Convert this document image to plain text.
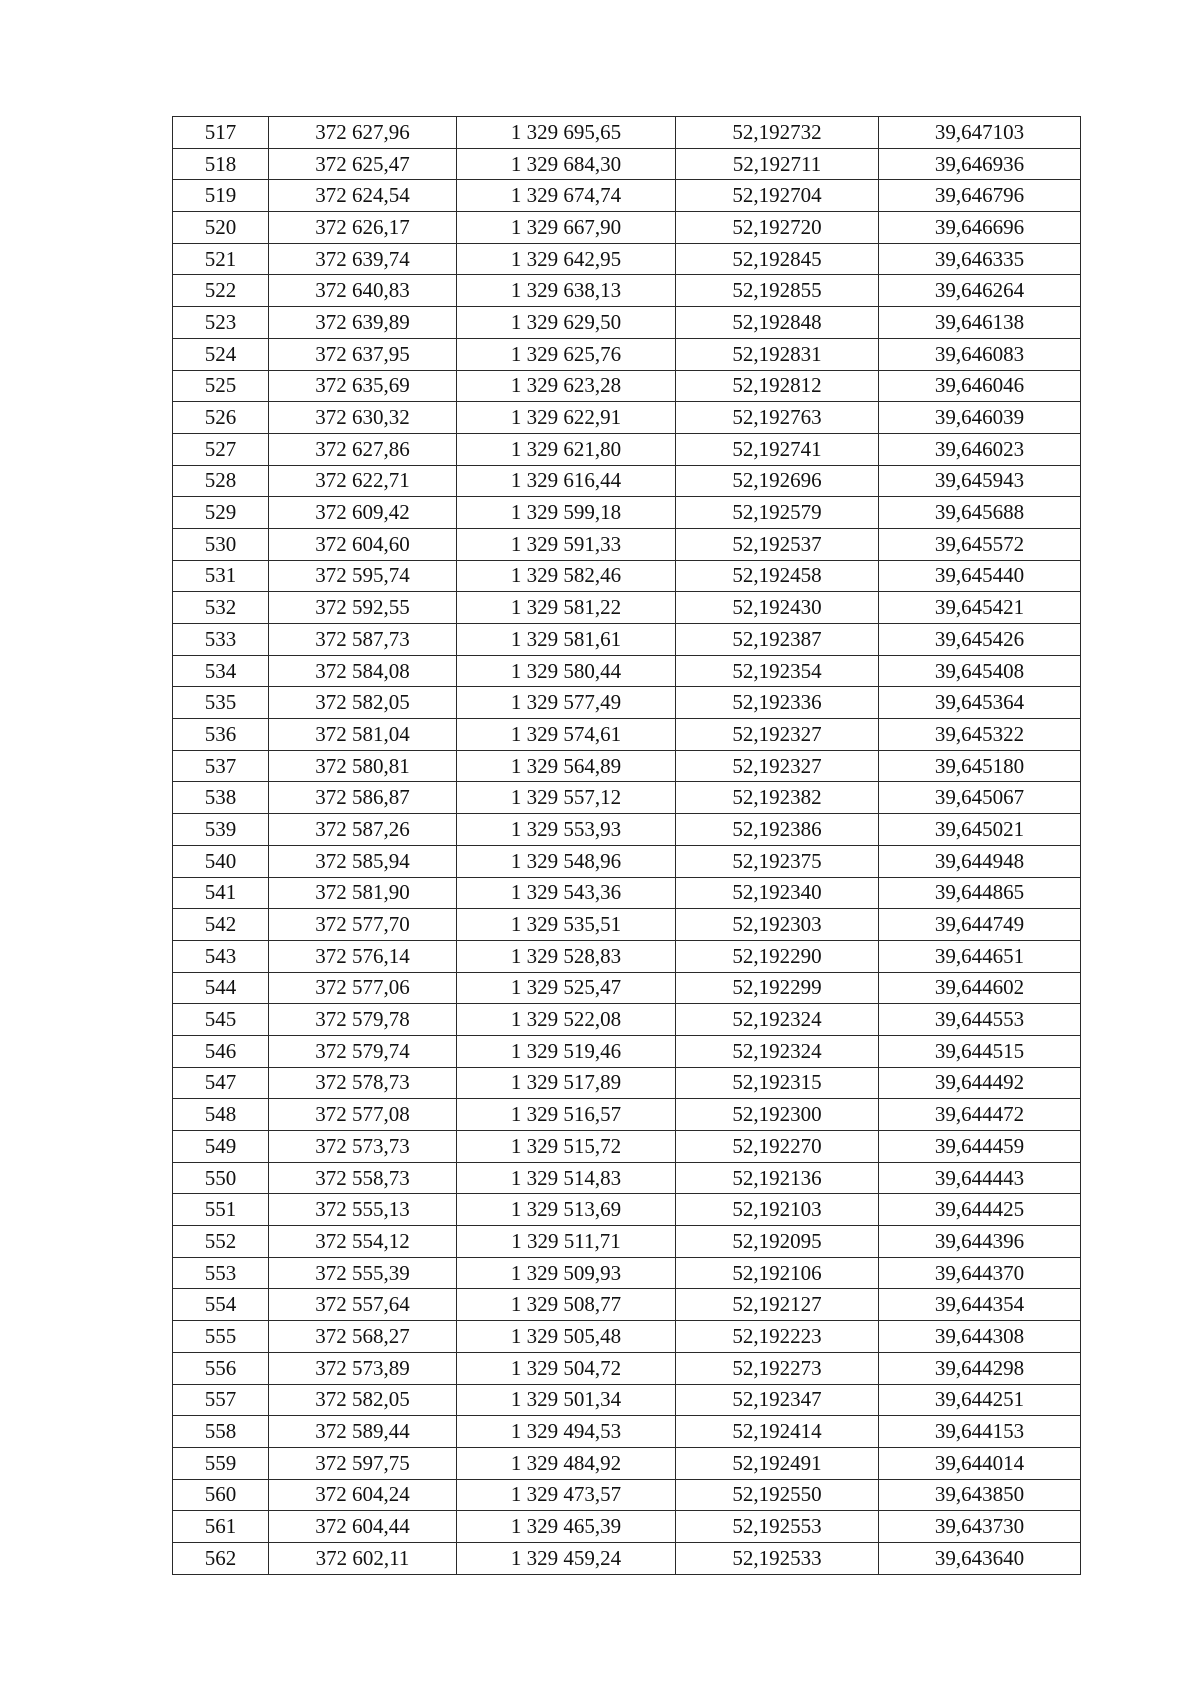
517	372 627,96	1 329 695,65	52,192732	39,647103
518	372 625,47	1 329 684,30	52,192711	39,646936
519	372 624,54	1 329 674,74	52,192704	39,646796
520	372 626,17	1 329 667,90	52,192720	39,646696
521	372 639,74	1 329 642,95	52,192845	39,646335
522	372 640,83	1 329 638,13	52,192855	39,646264
523	372 639,89	1 329 629,50	52,192848	39,646138
524	372 637,95	1 329 625,76	52,192831	39,646083
525	372 635,69	1 329 623,28	52,192812	39,646046
526	372 630,32	1 329 622,91	52,192763	39,646039
527	372 627,86	1 329 621,80	52,192741	39,646023
528	372 622,71	1 329 616,44	52,192696	39,645943
529	372 609,42	1 329 599,18	52,192579	39,645688
530	372 604,60	1 329 591,33	52,192537	39,645572
531	372 595,74	1 329 582,46	52,192458	39,645440
532	372 592,55	1 329 581,22	52,192430	39,645421
533	372 587,73	1 329 581,61	52,192387	39,645426
534	372 584,08	1 329 580,44	52,192354	39,645408
535	372 582,05	1 329 577,49	52,192336	39,645364
536	372 581,04	1 329 574,61	52,192327	39,645322
537	372 580,81	1 329 564,89	52,192327	39,645180
538	372 586,87	1 329 557,12	52,192382	39,645067
539	372 587,26	1 329 553,93	52,192386	39,645021
540	372 585,94	1 329 548,96	52,192375	39,644948
541	372 581,90	1 329 543,36	52,192340	39,644865
542	372 577,70	1 329 535,51	52,192303	39,644749
543	372 576,14	1 329 528,83	52,192290	39,644651
544	372 577,06	1 329 525,47	52,192299	39,644602
545	372 579,78	1 329 522,08	52,192324	39,644553
546	372 579,74	1 329 519,46	52,192324	39,644515
547	372 578,73	1 329 517,89	52,192315	39,644492
548	372 577,08	1 329 516,57	52,192300	39,644472
549	372 573,73	1 329 515,72	52,192270	39,644459
550	372 558,73	1 329 514,83	52,192136	39,644443
551	372 555,13	1 329 513,69	52,192103	39,644425
552	372 554,12	1 329 511,71	52,192095	39,644396
553	372 555,39	1 329 509,93	52,192106	39,644370
554	372 557,64	1 329 508,77	52,192127	39,644354
555	372 568,27	1 329 505,48	52,192223	39,644308
556	372 573,89	1 329 504,72	52,192273	39,644298
557	372 582,05	1 329 501,34	52,192347	39,644251
558	372 589,44	1 329 494,53	52,192414	39,644153
559	372 597,75	1 329 484,92	52,192491	39,644014
560	372 604,24	1 329 473,57	52,192550	39,643850
561	372 604,44	1 329 465,39	52,192553	39,643730
562	372 602,11	1 329 459,24	52,192533	39,643640
